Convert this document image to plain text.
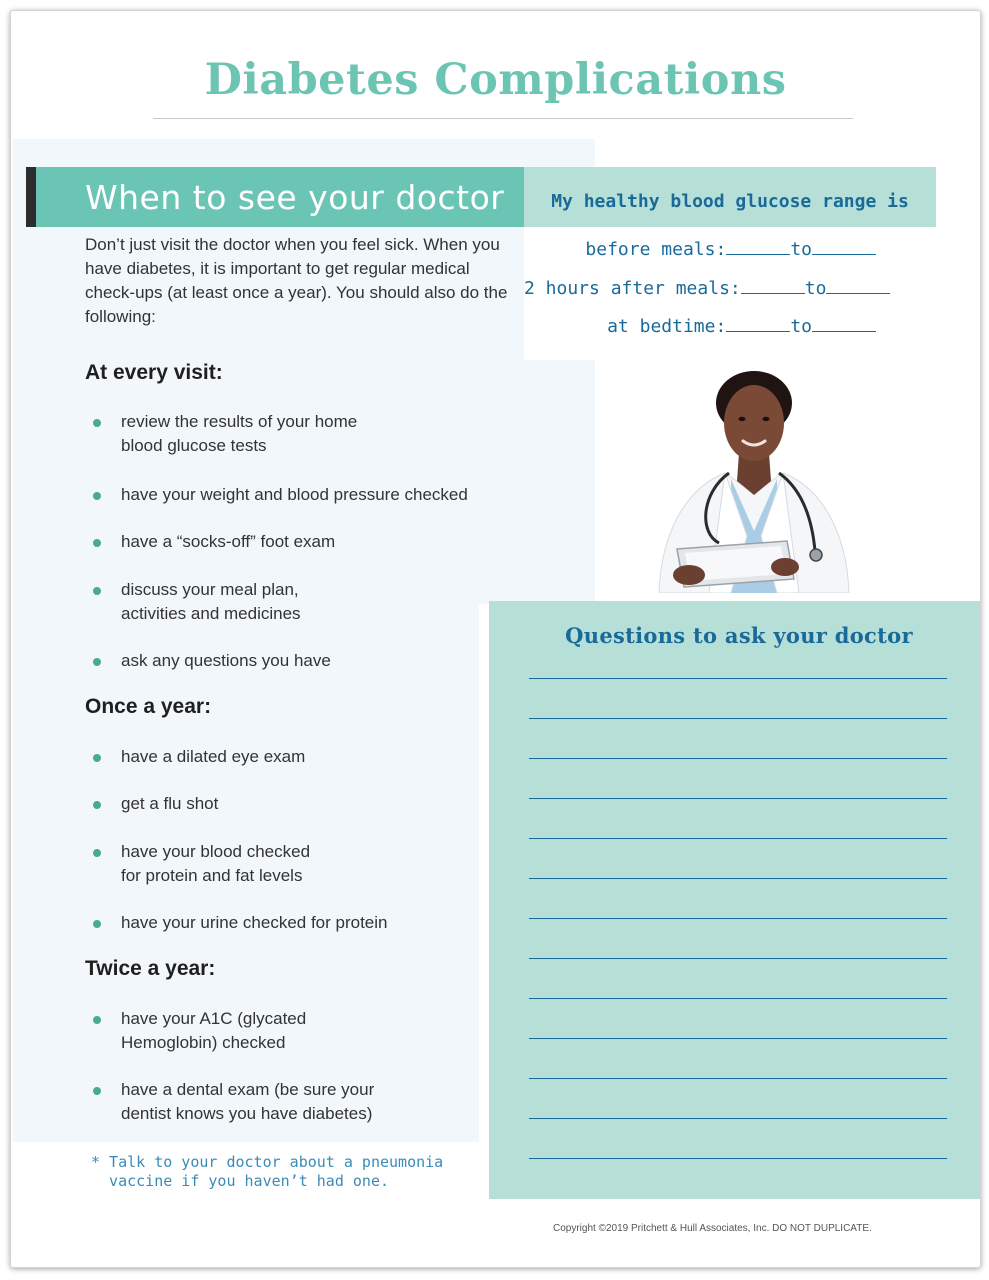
Diabetes Complications
When to see your doctor	My healthy blood glucose range is
before meals:	to
2 hours after meals:	to
at bedtime:	to

Don’t just visit the doctor when you feel sick. When you have diabetes, it is important to get regular medical check-ups (at least once a year). You should also do the following:

At every visit:
review the results of your home
blood glucose tests
have your weight and blood pressure checked
have a “socks-off” foot exam
discuss your meal plan,
activities and medicines
ask any questions you have
Once a year:
have a dilated eye exam
get a flu shot
have your blood checked
for protein and fat levels
have your urine checked for protein
Twice a year:
have your A1C (glycated
Hemoglobin) checked
have a dental exam (be sure your
dentist knows you have diabetes)

* Talk to your doctor about a pneumonia
vaccine if you haven’t had one.

Questions to ask your doctor
Copyright ©2019 Pritchett & Hull Associates, Inc. DO NOT DUPLICATE.
